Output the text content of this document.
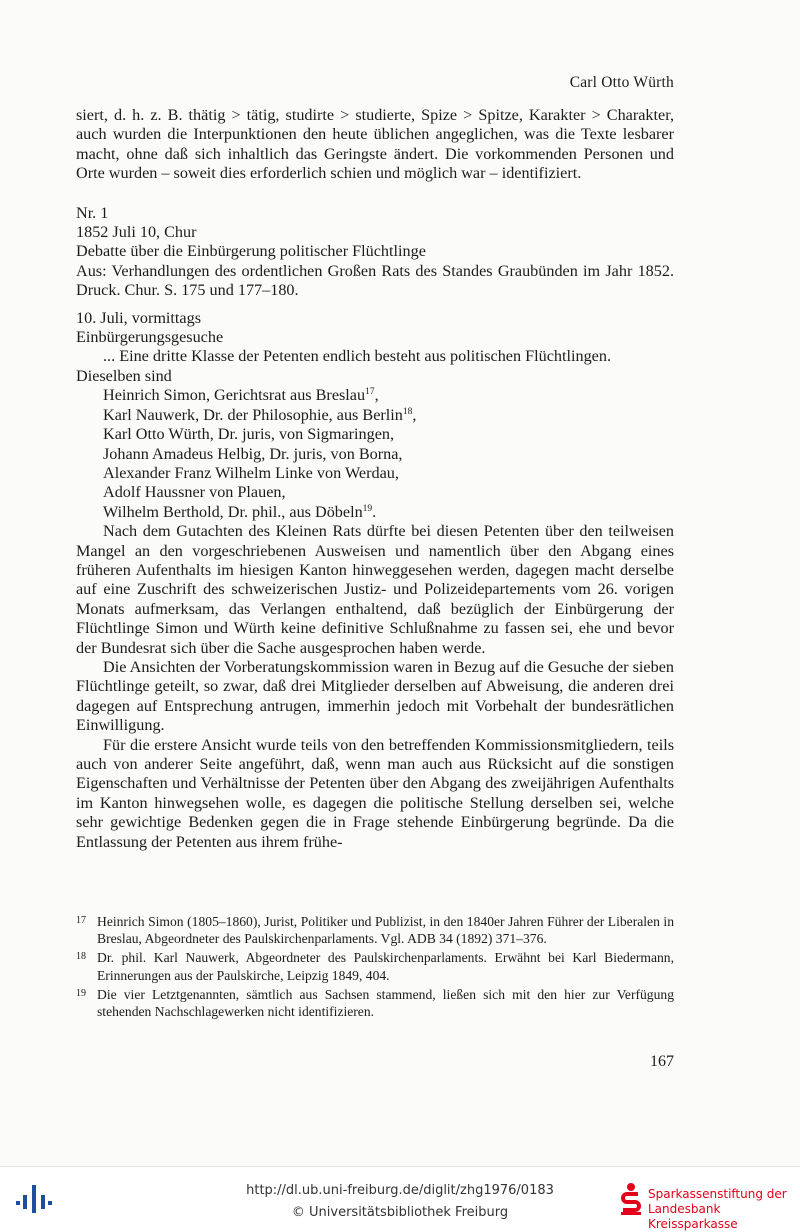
Carl Otto Würth

siert, d. h. z. B. thätig > tätig, studirte > studierte, Spize > Spitze, Karakter > Charakter, auch wurden die Interpunktionen den heute üblichen angeglichen, was die Texte lesbarer macht, ohne daß sich inhaltlich das Geringste ändert. Die vorkommenden Personen und Orte wurden – soweit dies erforderlich schien und möglich war – identifiziert.

Nr. 1

1852 Juli 10, Chur

Debatte über die Einbürgerung politischer Flüchtlinge

Aus: Verhandlungen des ordentlichen Großen Rats des Standes Graubünden im Jahr 1852. Druck. Chur. S. 175 und 177–180.

10. Juli, vormittags

Einbürgerungsgesuche

... Eine dritte Klasse der Petenten endlich besteht aus politischen Flüchtlingen.

Dieselben sind

Heinrich Simon, Gerichtsrat aus Breslau$^{17}$,

Karl Nauwerk, Dr. der Philosophie, aus Berlin$^{18}$,

Karl Otto Würth, Dr. juris, von Sigmaringen,

Johann Amadeus Helbig, Dr. juris, von Borna,

Alexander Franz Wilhelm Linke von Werdau,

Adolf Haussner von Plauen,

Wilhelm Berthold, Dr. phil., aus Döbeln$^{19}$.

Nach dem Gutachten des Kleinen Rats dürfte bei diesen Petenten über den teilweisen Mangel an den vorgeschriebenen Ausweisen und namentlich über den Abgang eines früheren Aufenthalts im hiesigen Kanton hinweggesehen werden, dagegen macht derselbe auf eine Zuschrift des schweizerischen Justiz- und Polizeidepartements vom 26. vorigen Monats aufmerksam, das Verlangen enthaltend, daß bezüglich der Einbürgerung der Flüchtlinge Simon und Würth keine definitive Schlußnahme zu fassen sei, ehe und bevor der Bundesrat sich über die Sache ausgesprochen haben werde.

Die Ansichten der Vorberatungskommission waren in Bezug auf die Gesuche der sieben Flüchtlinge geteilt, so zwar, daß drei Mitglieder derselben auf Abweisung, die anderen drei dagegen auf Entsprechung antrugen, immerhin jedoch mit Vorbehalt der bundesrätlichen Einwilligung.

Für die erstere Ansicht wurde teils von den betreffenden Kommissionsmitgliedern, teils auch von anderer Seite angeführt, daß, wenn man auch aus Rücksicht auf die sonstigen Eigenschaften und Verhältnisse der Petenten über den Abgang des zweijährigen Aufenthalts im Kanton hinwegsehen wolle, es dagegen die politische Stellung derselben sei, welche sehr gewichtige Bedenken gegen die in Frage stehende Einbürgerung begründe. Da die Entlassung der Petenten aus ihrem frühe-

17 Heinrich Simon (1805–1860), Jurist, Politiker und Publizist, in den 1840er Jahren Führer der Liberalen in Breslau, Abgeordneter des Paulskirchenparlaments. Vgl. ADB 34 (1892) 371–376.

18 Dr. phil. Karl Nauwerk, Abgeordneter des Paulskirchenparlaments. Erwähnt bei Karl Biedermann, Erinnerungen aus der Paulskirche, Leipzig 1849, 404.

19 Die vier Letztgenannten, sämtlich aus Sachsen stammend, ließen sich mit den hier zur Verfügung stehenden Nachschlagewerken nicht identifizieren.

167
http://dl.ub.uni-freiburg.de/diglit/zhg1976/0183
© Universitätsbibliothek Freiburg
Sparkassenstiftung der
Landesbank Kreissparkasse
